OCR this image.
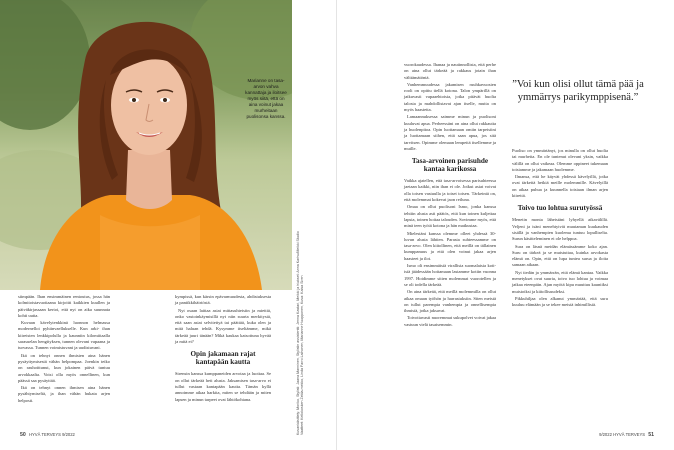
Marianne on tasa-arvon vahva kannattaja ja iloitsee myös siitä, että on aina voinut jakaa murheitaan puolisonsa kanssa.
Kuvankäsittely: Moriko, Stylisti: Jaana Manninen, Stylistin assistentti: Jenna Kastari, Meikki ja hiukset: Anna Karhu/Meikki Studio Vaatteet: Kellokosken Zelda-mekko, Linda Farro Laihonen, Marianne Huupponen, Kuva: Kaisa Siren

siimpään. Ihan ensimmäinen rentoutus, jossa hän kolmitoistavuotiaana kirjoitti kaikkien kuullen ja päiväkirjassaan kertoi, että nyt on aika suunnata kohti uutta.

Kuvaan kävelytenkkinä luonnon helmassa modernelloi pyhiinvaellukselle. Kun arki- ihan kiireisten lenkkipolulla ja kaunniin kilomiitaalla sarasuelan hengityksen, tunnen olevani vapaana ja turvassa. Tunnen voimistuvani ja uudistuvani.

Ikä on tehnyt onnen ihmisten aina hänen pysäyttymisestä vähän helpompaa. Joenkin teiko on rauhoittunut, kun jokainen päivä tuntuu arvokkaalta. Voisi olla myös onnellinen, kun päässä saa pysäyttää.

Ikä on tehnyt onnen ihmisen aina hänen pysähtymiseltä, ja ihan vähän hukata arjen helposti.

kympissä, kun kärsin epävarmuudesta, ahdistuksesta ja paniikkihäiriöstä.

Nyt osaan laittaa asiat mittasuhteisiin ja miettiä, onko vastoinkäymisillä nyt niin suurta merkitystä, että saan asiat selvitettyä tai päättää, kuka olen ja mitä haluan tehdä. Kysymme itseltämme, mikä tärkeää juuri tänään? Mikä kaukaa katsottuna hyvää ja mitä ei?

Opin jakamaan rajat kantapään kautta

Strensin kanssa kumppaneiden arvotaa ja luottaa. Se on ollut tärkeää heti alusta. Jaksamisen tasa-arvo ei tullut vastaan kantapään kautta. Tämän kyllä annoimme aikaa harkita, miten se tehdään ja miten lapsen ja minun tarpeet ovat lähtökohtana.

50 HYVÄ TERVEYS 9/2022

vuorokaudessa. Ihanaa ja nautinnollista, että perhe on aina ollut tärkeää ja rakkaus jotain ihan välttämätöntä.

Vanhemmuudessa jakamisen ruuhkavuosien rooli on opittu tiellä kotona. Talon ympärillä on jatkuvasti vapaaehtoisia, jotka pitävät huolta talosta ja mahdollistavat ajan itselle, mutta on myös haastetta.

Lamaannuksessa saimme minun ja puolisoni kuuluvat apua. Perheessäni on aina ollut rakkautta ja huolenpitoa. Opin luottamaan omiin tarpeisiini ja luottamaan siihen, että saan apua, jos sitä tarvitsen. Opimme olemaan lempeitä itsellemme ja muille.

Tasa-arvoinen parisuhde kantaa karikossa

Vaikka ajatellen, että tasa-arvoisessa parisuhteessa jaetaan kaikki, niin ihan ei ole. Jotkut asiat voivat olla toisen vastuulla ja toiset toisen. Tärkeintä on, että molemmat kokevat jaon reiluna.

Omaa on ollut puolisoni Ismo, jonka kanssa tehtiin alusta asti päätös, että kun toinen kuljettaa lapsia, toinen hoitaa talouden. Sovimme myös, että minä teen työtä kotona ja hän matkustaa.

Mielestäni kanssa olemme olleet yhdessä 30-luvun alusta lähtien. Parasta suhteessamme on tasa-arvo. Olen kiitollinen, että meillä on tällainen kumppanuus ja että olen voinut jakaa arjen haasteet ja ilot.

Ismo oli ensimmäisiä virallisia suomalaisia koti-isiä jäädessään hoitamaan lastamme kotiin vuonna 1997. Hoidimme sitten molemmat vuorotellen ja se oli todella tärkeää.

On aina tärkeää, että meillä molemmilla on ollut aikaa omaan työhön ja harrastuksiin. Siten meistä on tullut parempia vanhempia ja onnellisempia ihmisiä, jotka jaksavat.

Toivottavasti nuoremmat sukupolvet voivat jakaa vastuun vielä tasaisemmin.

Puoliso on ymmärtänyt, jos minulla on ollut huolia tai murheita. En ole tuntenut olevani yksin, vaikka välillä on ollut vaikeaa. Olemme oppineet tukemaan toisiamme ja jakamaan huolemme.

Ilmansa, että he käyvät yhdessä kävelyillä, jotka ovat tärkeitä hetkiä meille molemmille. Kävelyillä on aikaa puhua ja kuunnella toisiaan ilman arjen kiirettä.

Toivo tuo lohtua surutyössä

Menetin monta läheistäni lyhyellä aikavälillä. Veljeni ja isäni menehtyivät muutaman kuukauden sisällä ja vanhempien kuolema tuntuu lopulliselta. Surun käsitteleminen ei ole helppoa.

Sura on läsnä meidän elämässämme koko ajan. Suru on tärkeä ja se muistuttaa, kuinka arvokasta elämä on. Opin, että on lupa tuntea surua ja iloita samaan aikaan.

Nyt tiedän ja ymmärrän, että elämä kantaa. Vaikka menetykset ovat suuria, toivo tuo lohtua ja voimaa jatkaa eteenpäin. Ajan myötä kipu muuttuu kauniiksi muistoiksi ja kiitollisuudeksi.

Pikkuhiljaa olen alkanut ymmärtää, että suru kuuluu elämään ja se tekee meistä inhimillisiä.

9/2022 HYVÄ TERVEYS 51
”Voi kun olisi ollut tämä pää ja ymmärrys parikymppisenä.”
